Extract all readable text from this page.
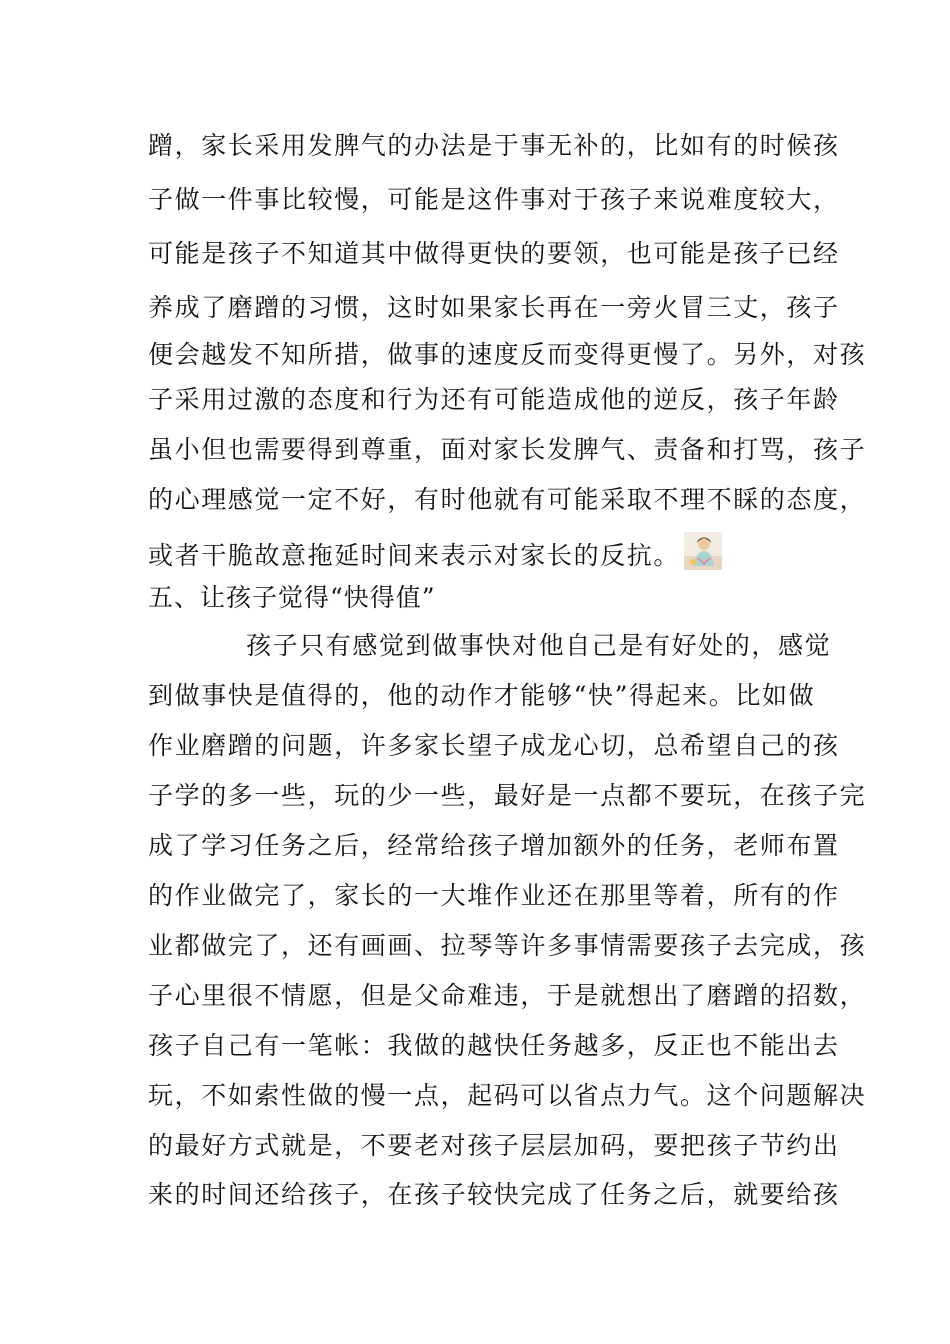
蹭，家长采用发脾气的办法是于事无补的，比如有的时候孩
子做一件事比较慢，可能是这件事对于孩子来说难度较大，
可能是孩子不知道其中做得更快的要领，也可能是孩子已经
养成了磨蹭的习惯，这时如果家长再在一旁火冒三丈，孩子
便会越发不知所措，做事的速度反而变得更慢了。另外，对孩
子采用过激的态度和行为还有可能造成他的逆反，孩子年龄
虽小但也需要得到尊重，面对家长发脾气、责备和打骂，孩子
的心理感觉一定不好，有时他就有可能采取不理不睬的态度，
或者干脆故意拖延时间来表示对家长的反抗。
五、让孩子觉得“快得值”
孩子只有感觉到做事快对他自己是有好处的，感觉
到做事快是值得的，他的动作才能够“快”得起来。比如做
作业磨蹭的问题，许多家长望子成龙心切，总希望自己的孩
子学的多一些，玩的少一些，最好是一点都不要玩，在孩子完
成了学习任务之后，经常给孩子增加额外的任务，老师布置
的作业做完了，家长的一大堆作业还在那里等着，所有的作
业都做完了，还有画画、拉琴等许多事情需要孩子去完成，孩
子心里很不情愿，但是父命难违，于是就想出了磨蹭的招数，
孩子自己有一笔帐：我做的越快任务越多，反正也不能出去
玩，不如索性做的慢一点，起码可以省点力气。这个问题解决
的最好方式就是，不要老对孩子层层加码，要把孩子节约出
来的时间还给孩子，在孩子较快完成了任务之后，就要给孩
